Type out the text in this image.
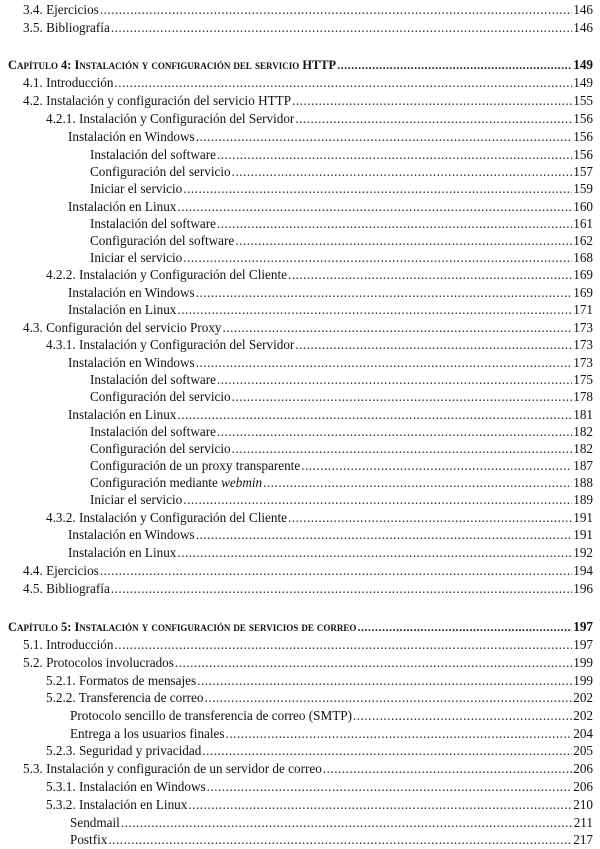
3.4. Ejercicios .....	146
3.5. Bibliografía .....	146
Capítulo 4: Instalación y configuración del servicio HTTP .....	149
4.1. Introducción .....	149
4.2. Instalación y configuración del servicio HTTP .....	155
4.2.1. Instalación y Configuración del Servidor .....	156
Instalación en Windows .....	156
Instalación del software .....	156
Configuración del servicio .....	157
Iniciar el servicio .....	159
Instalación en Linux .....	160
Instalación del software .....	161
Configuración del software .....	162
Iniciar el servicio .....	168
4.2.2. Instalación y Configuración del Cliente .....	169
Instalación en Windows .....	169
Instalación en Linux .....	171
4.3. Configuración del servicio Proxy .....	173
4.3.1. Instalación y Configuración del Servidor .....	173
Instalación en Windows .....	173
Instalación del software .....	175
Configuración del servicio .....	178
Instalación en Linux .....	181
Instalación del software .....	182
Configuración del servicio .....	182
Configuración de un proxy transparente .....	187
Configuración mediante webmin .....	188
Iniciar el servicio .....	189
4.3.2. Instalación y Configuración del Cliente .....	191
Instalación en Windows .....	191
Instalación en Linux .....	192
4.4. Ejercicios .....	194
4.5. Bibliografía .....	196
Capítulo 5: Instalación y configuración de servicios de correo .....	197
5.1. Introducción .....	197
5.2. Protocolos involucrados .....	199
5.2.1. Formatos de mensajes .....	199
5.2.2. Transferencia de correo .....	202
Protocolo sencillo de transferencia de correo (SMTP) .....	202
Entrega a los usuarios finales .....	204
5.2.3. Seguridad y privacidad .....	205
5.3. Instalación y configuración de un servidor de correo .....	206
5.3.1. Instalación en Windows .....	206
5.3.2. Instalación en Linux .....	210
Sendmail .....	211
Postfix .....	217
